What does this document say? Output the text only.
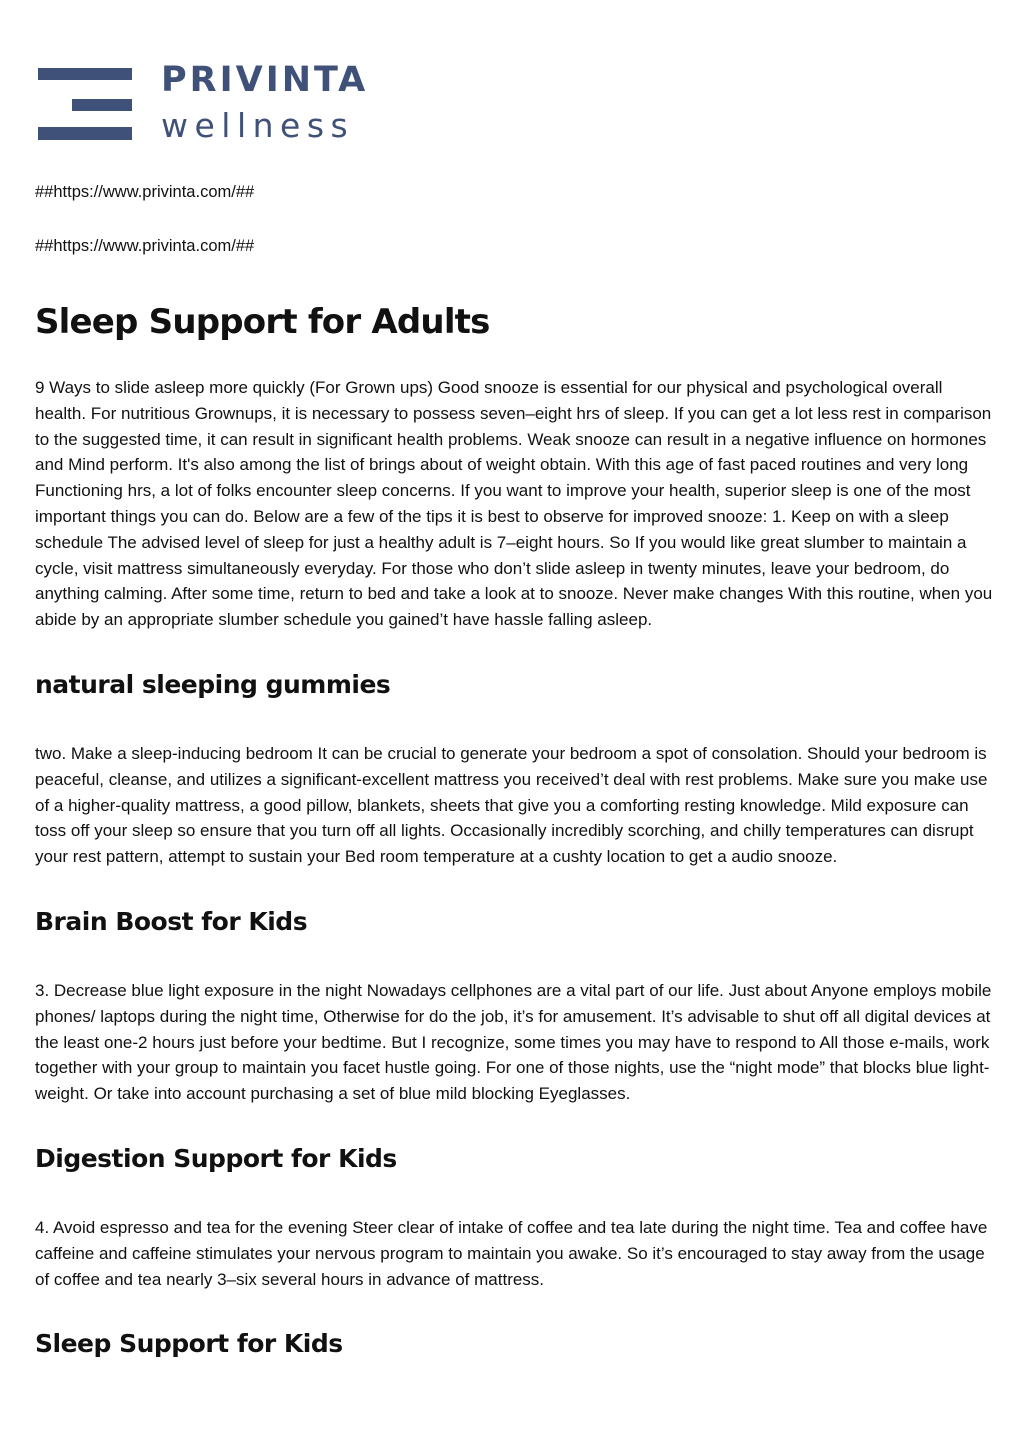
PRIVINTA
wellness
##https://www.privinta.com/##
##https://www.privinta.com/##
Sleep Support for Adults

9 Ways to slide asleep more quickly (For Grown ups) Good snooze is essential for our physical and psychological overall health. For nutritious Grownups, it is necessary to possess seven–eight hrs of sleep. If you can get a lot less rest in comparison to the suggested time, it can result in significant health problems. Weak snooze can result in a negative influence on hormones and Mind perform. It's also among the list of brings about of weight obtain. With this age of fast paced routines and very long Functioning hrs, a lot of folks encounter sleep concerns. If you want to improve your health, superior sleep is one of the most important things you can do. Below are a few of the tips it is best to observe for improved snooze: 1. Keep on with a sleep schedule The advised level of sleep for just a healthy adult is 7–eight hours. So If you would like great slumber to maintain a cycle, visit mattress simultaneously everyday. For those who don’t slide asleep in twenty minutes, leave your bedroom, do anything calming. After some time, return to bed and take a look at to snooze. Never make changes With this routine, when you abide by an appropriate slumber schedule you gained’t have hassle falling asleep.

natural sleeping gummies

two. Make a sleep-inducing bedroom It can be crucial to generate your bedroom a spot of consolation. Should your bedroom is peaceful, cleanse, and utilizes a significant-excellent mattress you received’t deal with rest problems. Make sure you make use of a higher-quality mattress, a good pillow, blankets, sheets that give you a comforting resting knowledge. Mild exposure can toss off your sleep so ensure that you turn off all lights. Occasionally incredibly scorching, and chilly temperatures can disrupt your rest pattern, attempt to sustain your Bed room temperature at a cushty location to get a audio snooze.

Brain Boost for Kids

3. Decrease blue light exposure in the night Nowadays cellphones are a vital part of our life. Just about Anyone employs mobile phones/ laptops during the night time, Otherwise for do the job, it’s for amusement. It’s advisable to shut off all digital devices at the least one-2 hours just before your bedtime. But I recognize, some times you may have to respond to All those e-mails, work together with your group to maintain you facet hustle going. For one of those nights, use the “night mode” that blocks blue light-weight. Or take into account purchasing a set of blue mild blocking Eyeglasses.

Digestion Support for Kids

4. Avoid espresso and tea for the evening Steer clear of intake of coffee and tea late during the night time. Tea and coffee have caffeine and caffeine stimulates your nervous program to maintain you awake. So it’s encouraged to stay away from the usage of coffee and tea nearly 3–six several hours in advance of mattress.

Sleep Support for Kids
